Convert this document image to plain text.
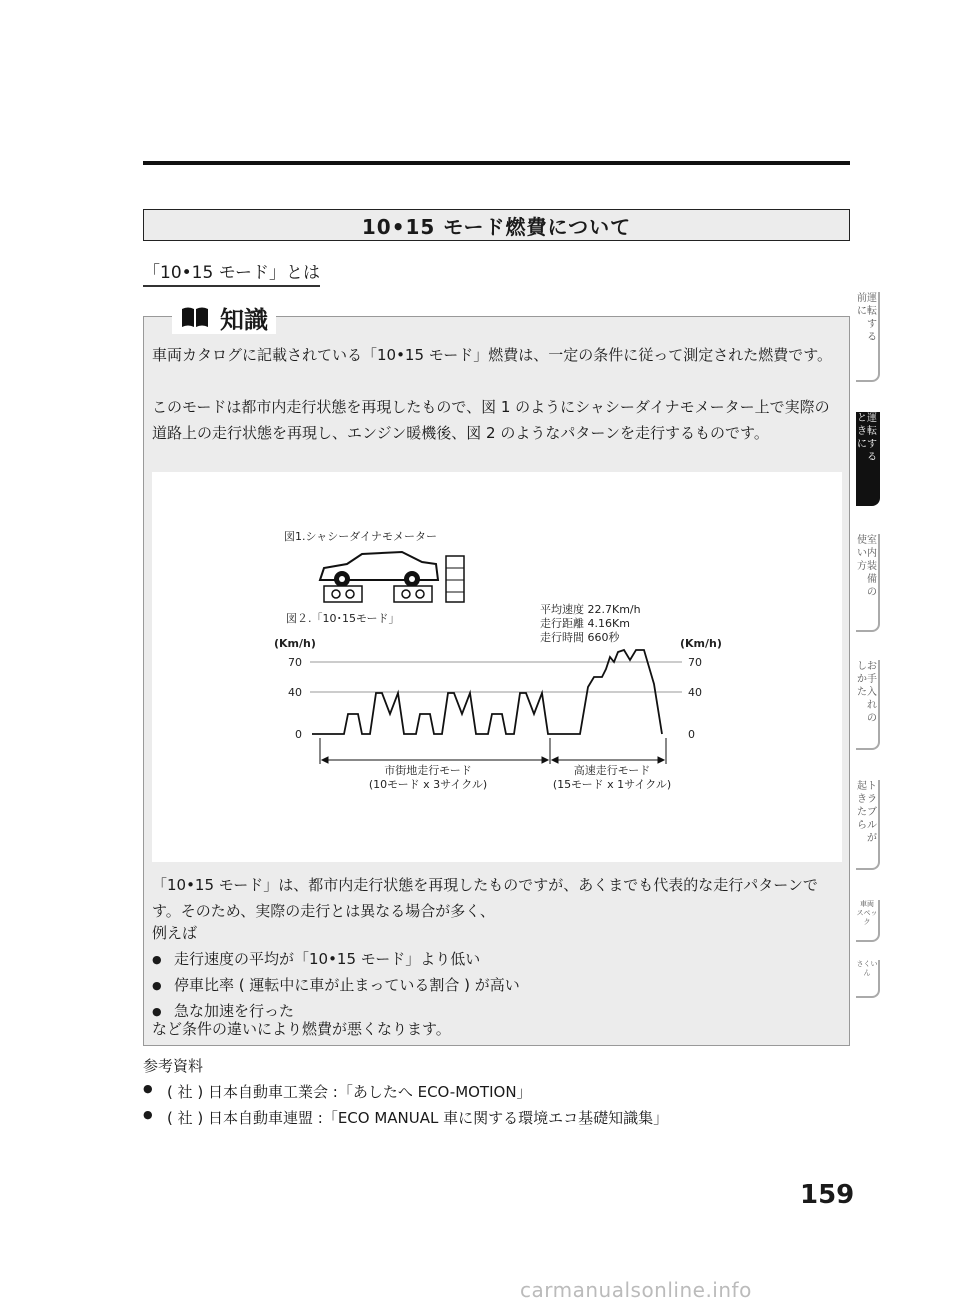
10•15 モード燃費について
「10•15 モード」とは
知識

車両カタログに記載されている「10•15 モード」燃費は、一定の条件に従って測定された燃費です。

このモードは都市内走行状態を再現したもので、図 1 のようにシャシーダイナモメーター上で実際の道路上の走行状態を再現し、エンジン暖機後、図 2 のようなパターンを走行するものです。

図1.シャシーダイナモメーター
図２.「10･15モード」
平均速度 22.7Km/h
走行距離 4.16Km
走行時間 660秒
(Km/h)	(Km/h)
70
40
0
70
40
0
市街地走行モード
(10モード x 3サイクル)
高速走行モード
(15モード x 1サイクル)

「10•15 モード」は、都市内走行状態を再現したものですが、あくまでも代表的な走行パターンです。そのため、実際の走行とは異なる場合が多く、

例えば
● 走行速度の平均が「10•15 モード」より低い
● 停車比率 ( 運転中に車が止まっている割合 ) が高い
● 急な加速を行った
など条件の違いにより燃費が悪くなります。
参考資料
● ( 社 ) 日本自動車工業会 :「あしたへ ECO-MOTION」
● ( 社 ) 日本自動車連盟 :「ECO MANUAL 車に関する環境エコ基礎知識集」
159
前に運転する
ときに運転する
使い方室内装備の
しかたお手入れの
起きたらトラブルが
車両
スペック
さくいん
carmanualsonline.info
